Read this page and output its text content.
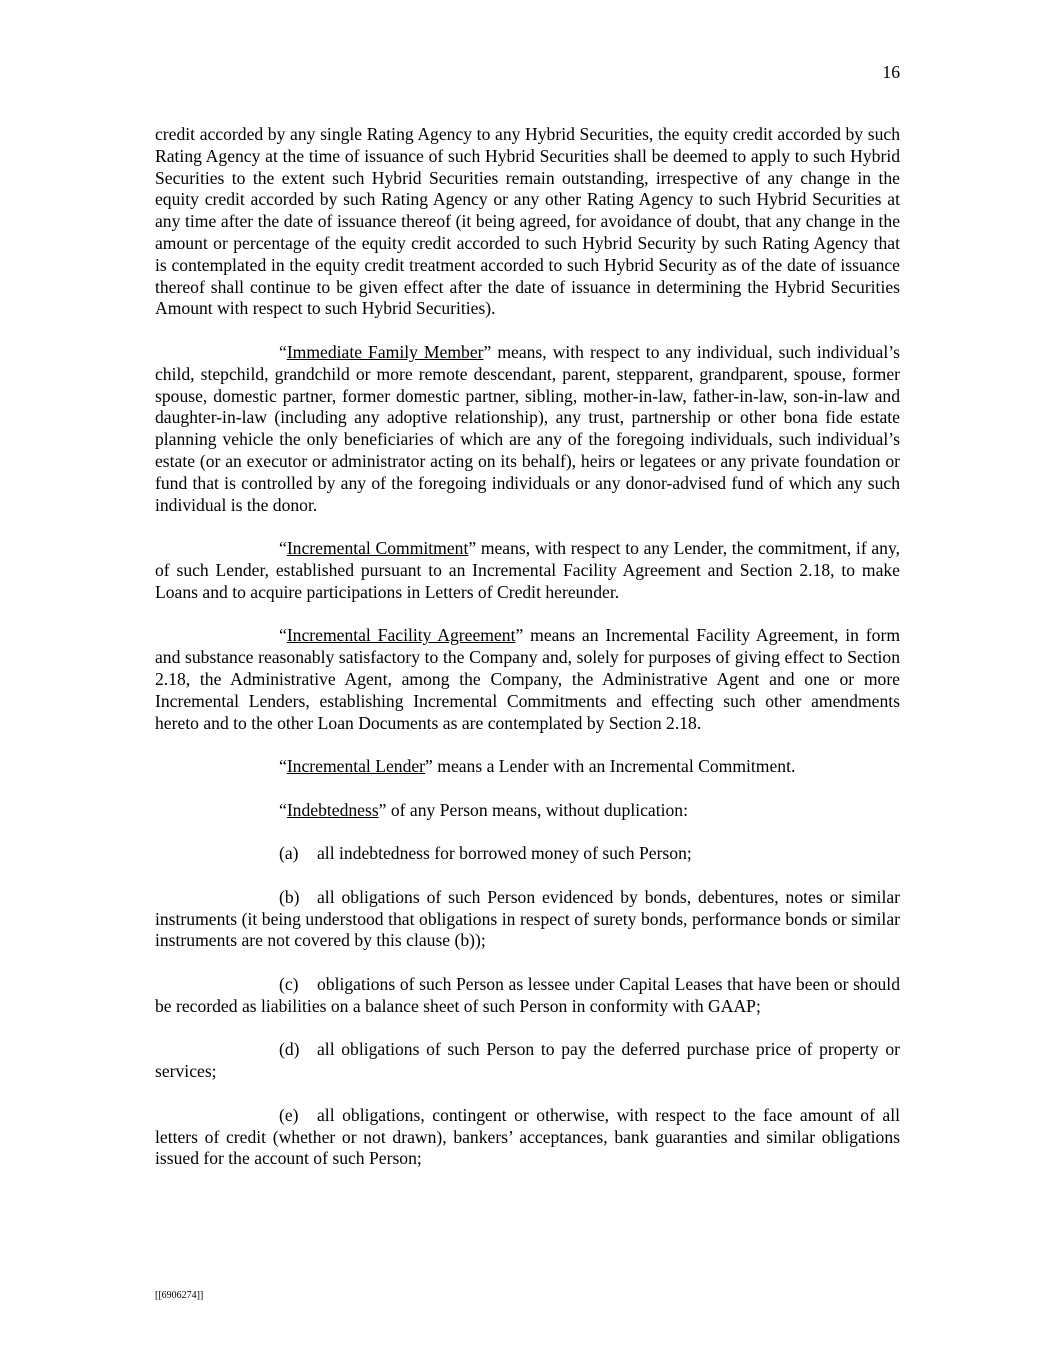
16

credit accorded by any single Rating Agency to any Hybrid Securities, the equity credit accorded by such Rating Agency at the time of issuance of such Hybrid Securities shall be deemed to apply to such Hybrid Securities to the extent such Hybrid Securities remain outstanding, irrespective of any change in the equity credit accorded by such Rating Agency or any other Rating Agency to such Hybrid Securities at any time after the date of issuance thereof (it being agreed, for avoidance of doubt, that any change in the amount or percentage of the equity credit accorded to such Hybrid Security by such Rating Agency that is contemplated in the equity credit treatment accorded to such Hybrid Security as of the date of issuance thereof shall continue to be given effect after the date of issuance in determining the Hybrid Securities Amount with respect to such Hybrid Securities).

“Immediate Family Member” means, with respect to any individual, such individual’s child, stepchild, grandchild or more remote descendant, parent, stepparent, grandparent, spouse, former spouse, domestic partner, former domestic partner, sibling, mother-in-law, father-in-law, son-in-law and daughter-in-law (including any adoptive relationship), any trust, partnership or other bona fide estate planning vehicle the only beneficiaries of which are any of the foregoing individuals, such individual’s estate (or an executor or administrator acting on its behalf), heirs or legatees or any private foundation or fund that is controlled by any of the foregoing individuals or any donor-advised fund of which any such individual is the donor.

“Incremental Commitment” means, with respect to any Lender, the commitment, if any, of such Lender, established pursuant to an Incremental Facility Agreement and Section 2.18, to make Loans and to acquire participations in Letters of Credit hereunder.

“Incremental Facility Agreement” means an Incremental Facility Agreement, in form and substance reasonably satisfactory to the Company and, solely for purposes of giving effect to Section 2.18, the Administrative Agent, among the Company, the Administrative Agent and one or more Incremental Lenders, establishing Incremental Commitments and effecting such other amendments hereto and to the other Loan Documents as are contemplated by Section 2.18.

“Incremental Lender” means a Lender with an Incremental Commitment.

“Indebtedness” of any Person means, without duplication:

(a) all indebtedness for borrowed money of such Person;

(b) all obligations of such Person evidenced by bonds, debentures, notes or similar instruments (it being understood that obligations in respect of surety bonds, performance bonds or similar instruments are not covered by this clause (b));

(c) obligations of such Person as lessee under Capital Leases that have been or should be recorded as liabilities on a balance sheet of such Person in conformity with GAAP;

(d) all obligations of such Person to pay the deferred purchase price of property or services;

(e) all obligations, contingent or otherwise, with respect to the face amount of all letters of credit (whether or not drawn), bankers’ acceptances, bank guaranties and similar obligations issued for the account of such Person;

[[6906274]]
